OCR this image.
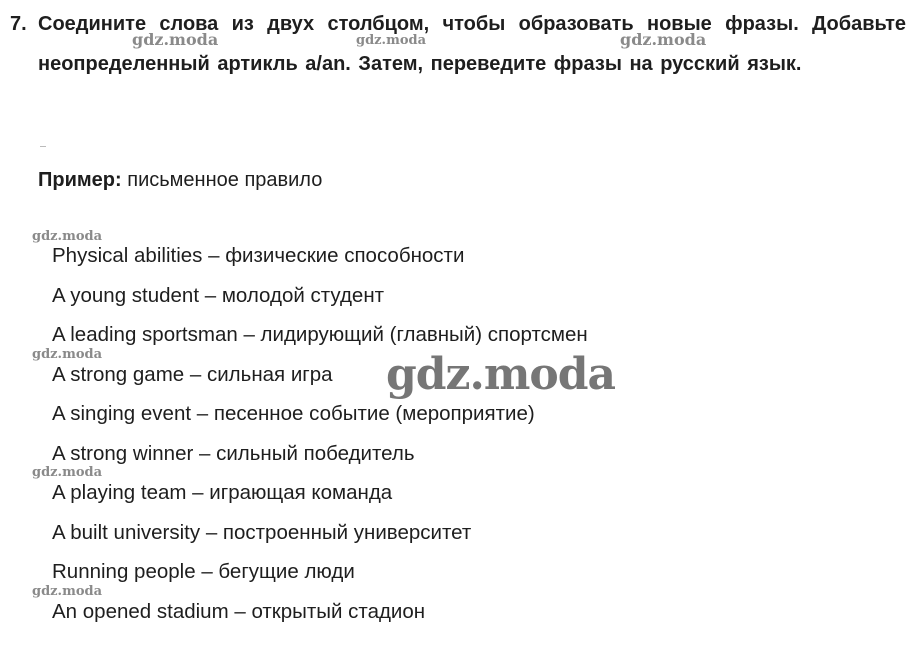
7. Соедините слова из двух столбцом, чтобы образовать новые фразы. Добавьте неопределенный артикль a/an. Затем, переведите фразы на русский язык.
Пример: письменное правило
Physical abilities – физические способности
A young student – молодой студент
A leading sportsman – лидирующий (главный) спортсмен
A strong game – сильная игра
A singing event – песенное событие (мероприятие)
A strong winner – сильный победитель
A playing team – играющая команда
A built university – построенный университет
Running people – бегущие люди
An opened stadium – открытый стадион
gdz.moda	gdz.moda	gdz.moda
gdz.moda
gdz.moda
gdz.moda
gdz.moda
gdz.moda
